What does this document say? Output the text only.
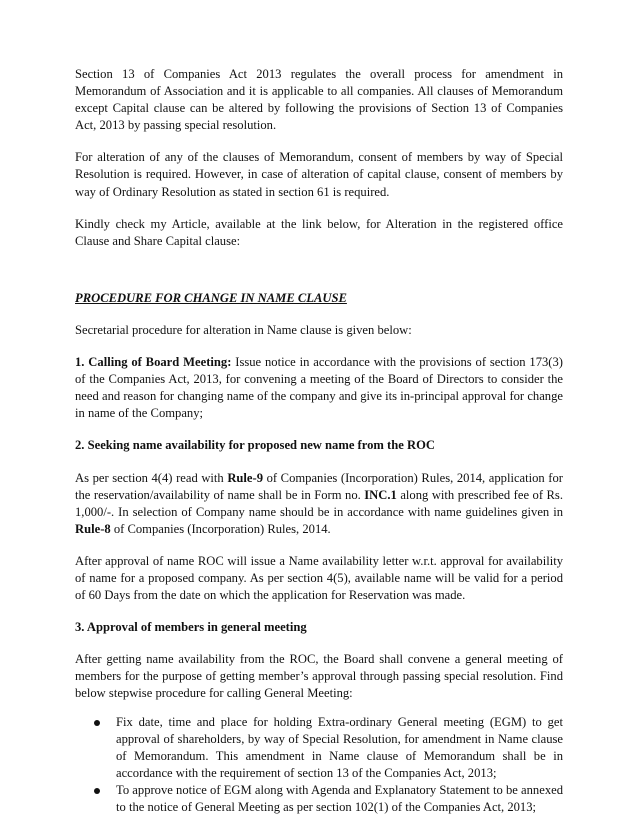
Section 13 of Companies Act 2013 regulates the overall process for amendment in Memorandum of Association and it is applicable to all companies. All clauses of Memorandum except Capital clause can be altered by following the provisions of Section 13 of Companies Act, 2013 by passing special resolution.

For alteration of any of the clauses of Memorandum, consent of members by way of Special Resolution is required. However, in case of alteration of capital clause, consent of members by way of Ordinary Resolution as stated in section 61 is required.

Kindly check my Article, available at the link below, for Alteration in the registered office Clause and Share Capital clause:

PROCEDURE FOR CHANGE IN NAME CLAUSE

Secretarial procedure for alteration in Name clause is given below:

1. Calling of Board Meeting: Issue notice in accordance with the provisions of section 173(3) of the Companies Act, 2013, for convening a meeting of the Board of Directors to consider the need and reason for changing name of the company and give its in-principal approval for change in name of the Company;

2. Seeking name availability for proposed new name from the ROC

As per section 4(4) read with Rule-9 of Companies (Incorporation) Rules, 2014, application for the reservation/availability of name shall be in Form no. INC.1 along with prescribed fee of Rs. 1,000/-. In selection of Company name should be in accordance with name guidelines given in Rule-8 of Companies (Incorporation) Rules, 2014.

After approval of name ROC will issue a Name availability letter w.r.t. approval for availability of name for a proposed company. As per section 4(5), available name will be valid for a period of 60 Days from the date on which the application for Reservation was made.

3. Approval of members in general meeting

After getting name availability from the ROC, the Board shall convene a general meeting of members for the purpose of getting member’s approval through passing special resolution. Find below stepwise procedure for calling General Meeting:

Fix date, time and place for holding Extra-ordinary General meeting (EGM) to get approval of shareholders, by way of Special Resolution, for amendment in Name clause of Memorandum. This amendment in Name clause of Memorandum shall be in accordance with the requirement of section 13 of the Companies Act, 2013;
To approve notice of EGM along with Agenda and Explanatory Statement to be annexed to the notice of General Meeting as per section 102(1) of the Companies Act, 2013;
